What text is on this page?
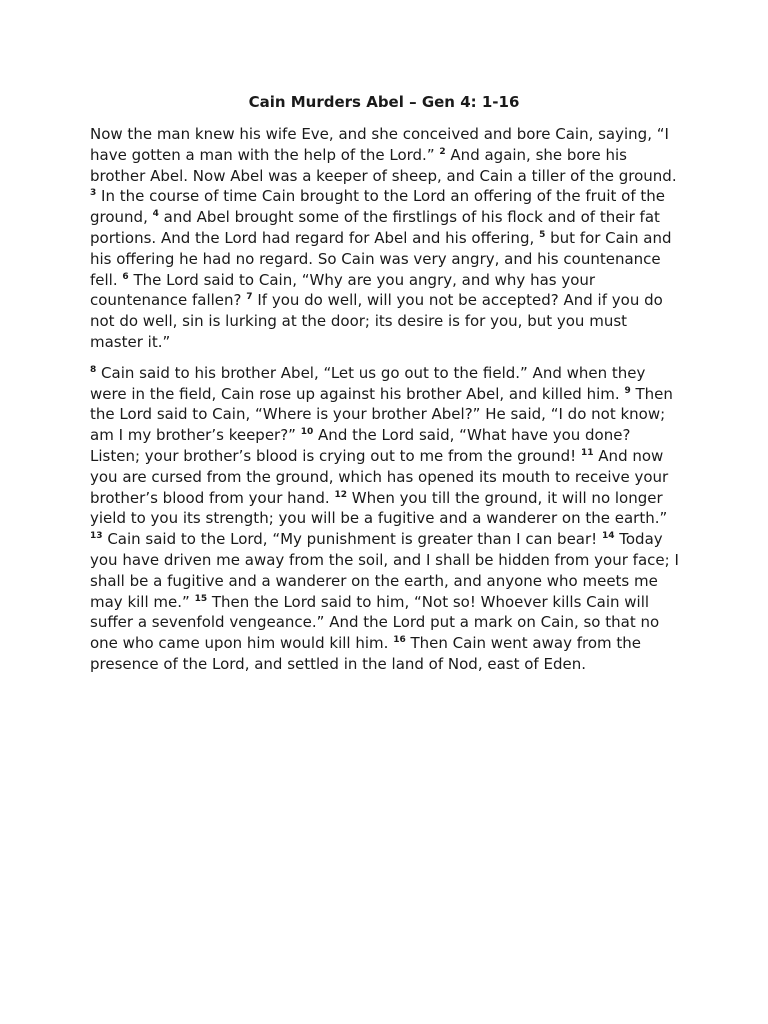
Cain Murders Abel – Gen 4: 1-16

Now the man knew his wife Eve, and she conceived and bore Cain, saying, “I have gotten a man with the help of the Lord.” $^2$ And again, she bore his brother Abel. Now Abel was a keeper of sheep, and Cain a tiller of the ground. $^3$ In the course of time Cain brought to the Lord an offering of the fruit of the ground, $^4$ and Abel brought some of the firstlings of his flock and of their fat portions. And the Lord had regard for Abel and his offering, $^5$ but for Cain and his offering he had no regard. So Cain was very angry, and his countenance fell. $^6$ The Lord said to Cain, “Why are you angry, and why has your countenance fallen? $^7$ If you do well, will you not be accepted? And if you do not do well, sin is lurking at the door; its desire is for you, but you must master it.”

$^8$ Cain said to his brother Abel, “Let us go out to the field.” And when they were in the field, Cain rose up against his brother Abel, and killed him. $^9$ Then the Lord said to Cain, “Where is your brother Abel?” He said, “I do not know; am I my brother’s keeper?” $^{10}$ And the Lord said, “What have you done? Listen; your brother’s blood is crying out to me from the ground! $^{11}$ And now you are cursed from the ground, which has opened its mouth to receive your brother’s blood from your hand. $^{12}$ When you till the ground, it will no longer yield to you its strength; you will be a fugitive and a wanderer on the earth.” $^{13}$ Cain said to the Lord, “My punishment is greater than I can bear! $^{14}$ Today you have driven me away from the soil, and I shall be hidden from your face; I shall be a fugitive and a wanderer on the earth, and anyone who meets me may kill me.” $^{15}$ Then the Lord said to him, “Not so! Whoever kills Cain will suffer a sevenfold vengeance.” And the Lord put a mark on Cain, so that no one who came upon him would kill him. $^{16}$ Then Cain went away from the presence of the Lord, and settled in the land of Nod, east of Eden.
